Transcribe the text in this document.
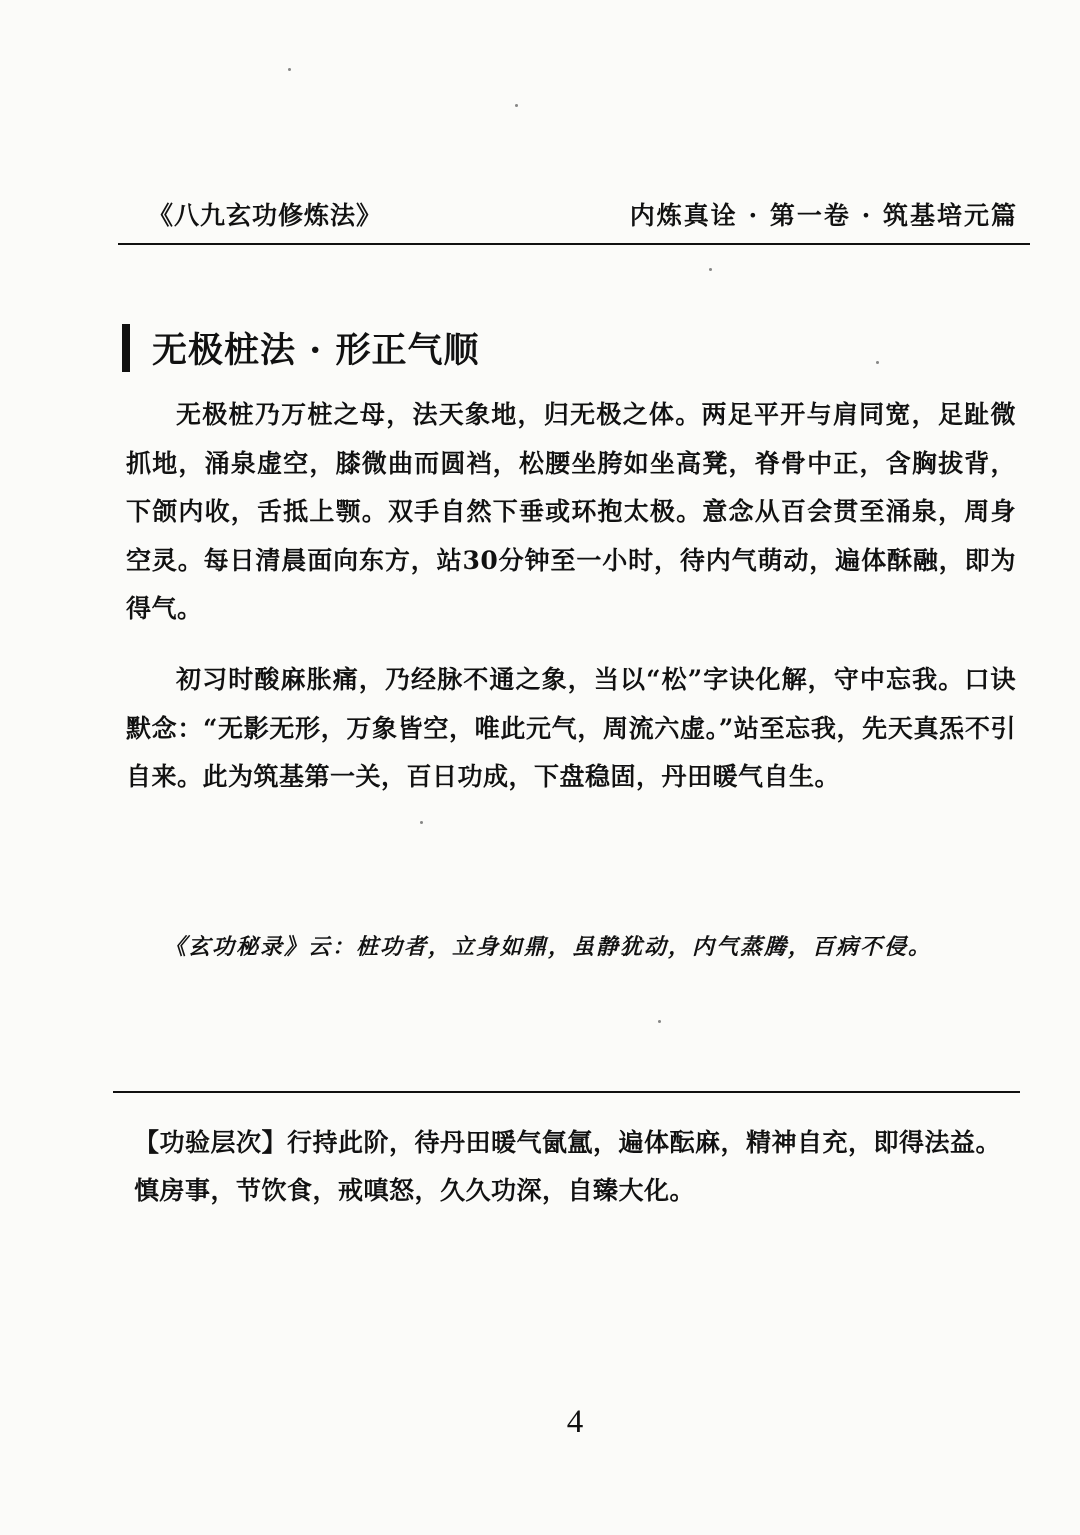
《八九玄功修炼法》	内炼真诠 · 第一卷 · 筑基培元篇
无极桩法 · 形正气顺

无极桩乃万桩之母，法天象地，归无极之体。两足平开与肩同宽，足趾微抓地，涌泉虚空，膝微曲而圆裆，松腰坐胯如坐高凳，脊骨中正，含胸拔背，下颌内收，舌抵上颚。双手自然下垂或环抱太极。意念从百会贯至涌泉，周身空灵。每日清晨面向东方，站30分钟至一小时，待内气萌动，遍体酥融，即为得气。

初习时酸麻胀痛，乃经脉不通之象，当以“松”字诀化解，守中忘我。口诀默念：“无影无形，万象皆空，唯此元气，周流六虚。”站至忘我，先天真炁不引自来。此为筑基第一关，百日功成，下盘稳固，丹田暖气自生。

《玄功秘录》云：桩功者，立身如鼎，虽静犹动，内气蒸腾，百病不侵。

【功验层次】行持此阶，待丹田暖气氤氲，遍体酝麻，精神自充，即得法益。慎房事，节饮食，戒嗔怒，久久功深，自臻大化。

4
